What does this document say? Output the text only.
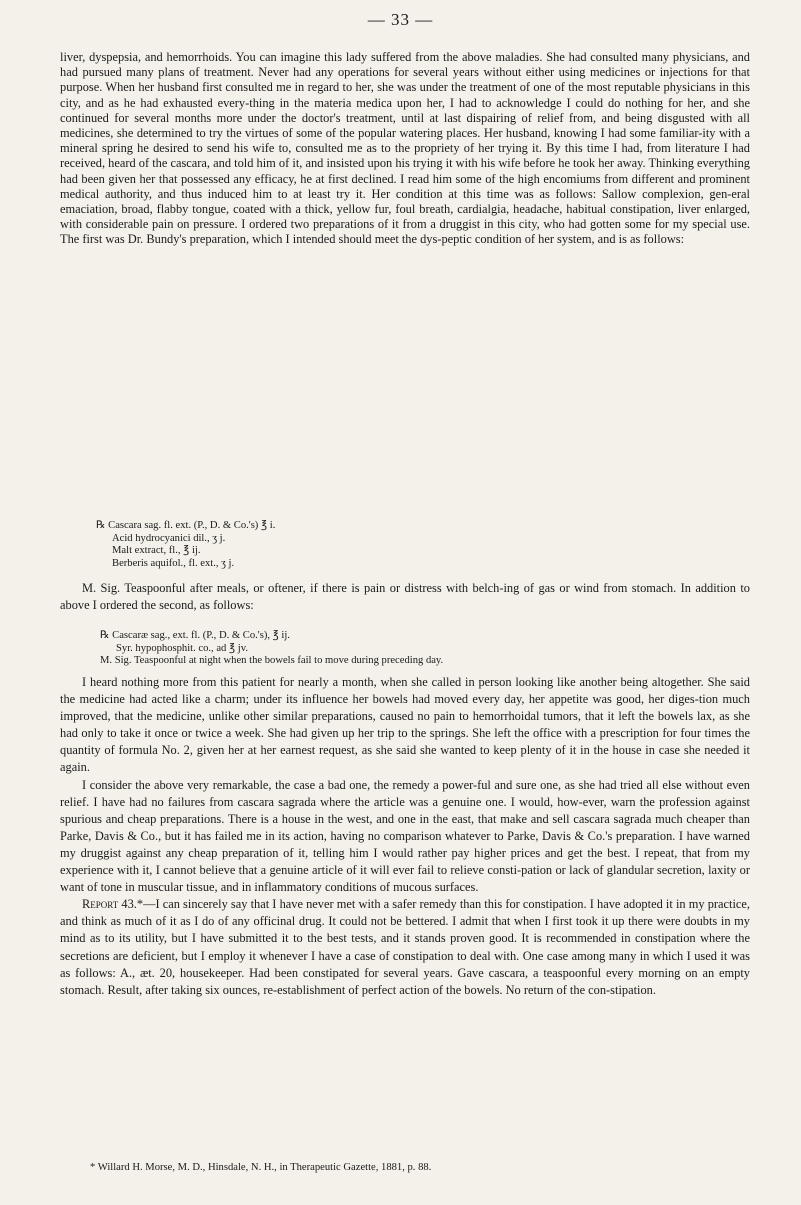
— 33 —

liver, dyspepsia, and hemorrhoids. You can imagine this lady suffered from the above maladies. She had consulted many physicians, and had pursued many plans of treatment. Never had any operations for several years without either using medicines or injections for that purpose. When her husband first consulted me in regard to her, she was under the treatment of one of the most reputable physicians in this city, and as he had exhausted every-thing in the materia medica upon her, I had to acknowledge I could do nothing for her, and she continued for several months more under the doctor's treatment, until at last dispairing of relief from, and being disgusted with all medicines, she determined to try the virtues of some of the popular watering places. Her husband, knowing I had some familiar-ity with a mineral spring he desired to send his wife to, consulted me as to the propriety of her trying it. By this time I had, from literature I had received, heard of the cascara, and told him of it, and insisted upon his trying it with his wife before he took her away. Thinking everything had been given her that possessed any efficacy, he at first declined. I read him some of the high encomiums from different and prominent medical authority, and thus induced him to at least try it. Her condition at this time was as follows: Sallow complexion, gen-eral emaciation, broad, flabby tongue, coated with a thick, yellow fur, foul breath, cardialgia, headache, habitual constipation, liver enlarged, with considerable pain on pressure. I ordered two preparations of it from a druggist in this city, who had gotten some for my special use. The first was Dr. Bundy's preparation, which I intended should meet the dys-peptic condition of her system, and is as follows:

℞ Cascara sag. fl. ext. (P., D. & Co.'s) ℥ i.
Acid hydrocyanici dil., ʒ j.
Malt extract, fl., ℥ ij.
Berberis aquifol., fl. ext., ʒ j.

M. Sig. Teaspoonful after meals, or oftener, if there is pain or distress with belch-ing of gas or wind from stomach. In addition to above I ordered the second, as follows:

℞ Cascaræ sag., ext. fl. (P., D. & Co.'s), ℥ ij.
Syr. hypophosphit. co., ad ℥ jv.
M. Sig. Teaspoonful at night when the bowels fail to move during preceding day.

I heard nothing more from this patient for nearly a month, when she called in person looking like another being altogether. She said the medicine had acted like a charm; under its influence her bowels had moved every day, her appetite was good, her diges-tion much improved, that the medicine, unlike other similar preparations, caused no pain to hemorrhoidal tumors, that it left the bowels lax, as she had only to take it once or twice a week. She had given up her trip to the springs. She left the office with a prescription for four times the quantity of formula No. 2, given her at her earnest request, as she said she wanted to keep plenty of it in the house in case she needed it again.

I consider the above very remarkable, the case a bad one, the remedy a power-ful and sure one, as she had tried all else without even relief. I have had no failures from cascara sagrada where the article was a genuine one. I would, how-ever, warn the profession against spurious and cheap preparations. There is a house in the west, and one in the east, that make and sell cascara sagrada much cheaper than Parke, Davis & Co., but it has failed me in its action, having no comparison whatever to Parke, Davis & Co.'s preparation. I have warned my druggist against any cheap preparation of it, telling him I would rather pay higher prices and get the best. I repeat, that from my experience with it, I cannot believe that a genuine article of it will ever fail to relieve consti-pation or lack of glandular secretion, laxity or want of tone in muscular tissue, and in inflammatory conditions of mucous surfaces.

Report 43.*—I can sincerely say that I have never met with a safer remedy than this for constipation. I have adopted it in my practice, and think as much of it as I do of any officinal drug. It could not be bettered. I admit that when I first took it up there were doubts in my mind as to its utility, but I have submitted it to the best tests, and it stands proven good. It is recommended in constipation where the secretions are deficient, but I employ it whenever I have a case of constipation to deal with. One case among many in which I used it was as follows: A., æt. 20, housekeeper. Had been constipated for several years. Gave cascara, a teaspoonful every morning on an empty stomach. Result, after taking six ounces, re-establishment of perfect action of the bowels. No return of the con-stipation.

* Willard H. Morse, M. D., Hinsdale, N. H., in Therapeutic Gazette, 1881, p. 88.
